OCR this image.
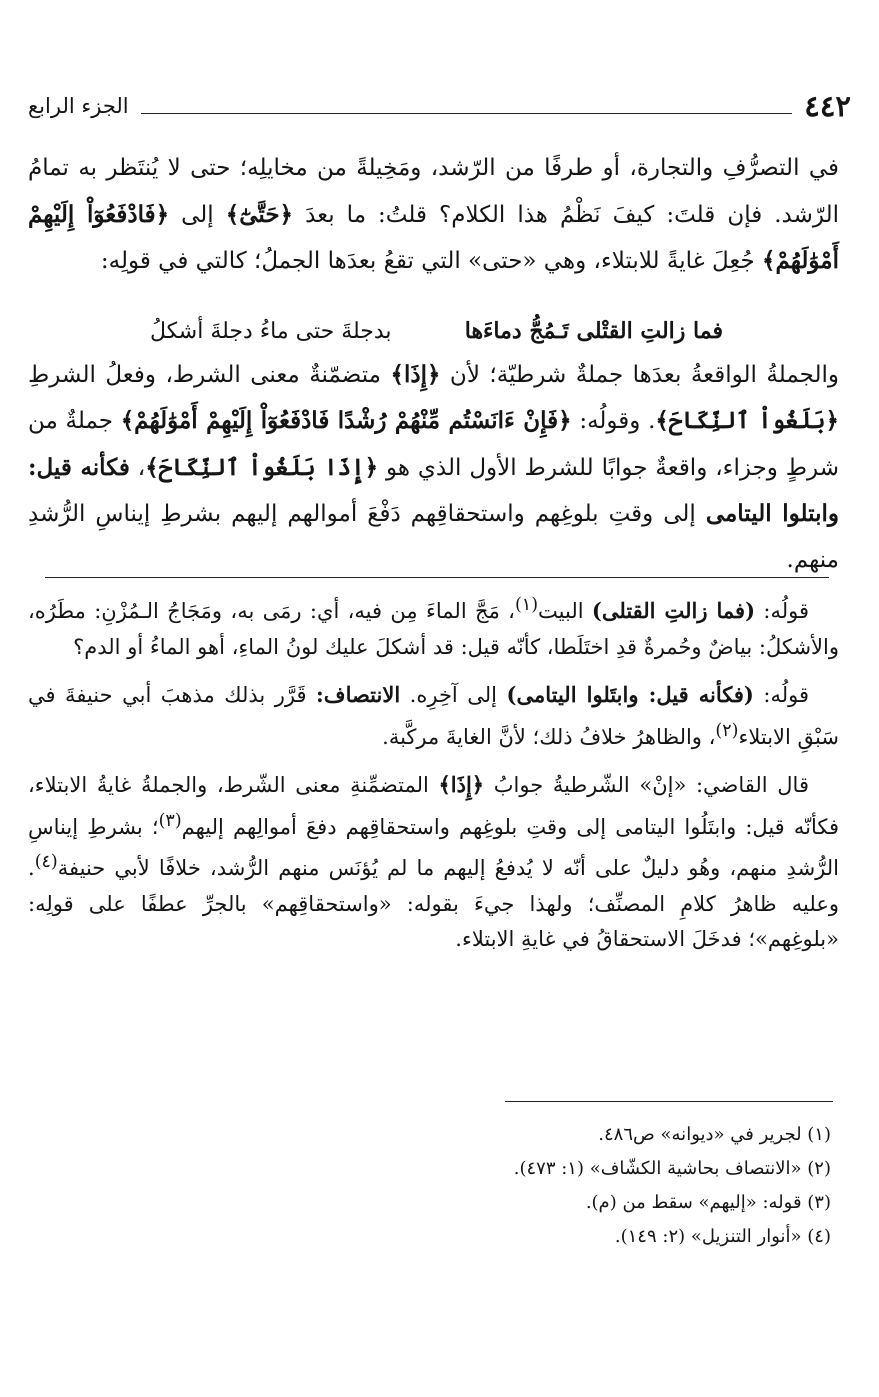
٤٤٢
الجزء الرابع

في التصرُّفِ والتجارة، أو طرفًا من الرّشد، ومَخِيلةً من مخايلِه؛ حتى لا يُنتَظر به تمامُ الرّشد. فإن قلتَ: كيفَ نَظْمُ هذا الكلام؟ قلتُ: ما بعدَ ﴿حَتَّىٰٓ﴾ إلى ﴿فَادْفَعُوٓاْ إِلَيْهِمْ أَمْوَٰلَهُمْ﴾ جُعِلَ غايةً للابتلاء، وهي «حتى» التي تقعُ بعدَها الجملُ؛ كالتي في قولِه:

والجملةُ الواقعةُ بعدَها جملةٌ شرطيّة؛ لأن ﴿إِذَا﴾ متضمّنةٌ معنى الشرط، وفعلُ الشرطِ ﴿بَلَغُواْ ٱلنِّكَاحَ﴾. وقولُه: ﴿فَإِنْ ءَانَسْتُم مِّنْهُمْ رُشْدًا فَادْفَعُوٓاْ إِلَيْهِمْ أَمْوَٰلَهُمْ﴾ جملةٌ من شرطٍ وجزاء، واقعةٌ جوابًا للشرط الأول الذي هو ﴿إِذَا بَلَغُواْ ٱلنِّكَاحَ﴾، فكأنه قيل: وابتلوا اليتامى إلى وقتِ بلوغِهم واستحقاقِهم دَفْعَ أموالهم إليهم بشرطِ إيناسِ الرُّشدِ منهم.

فما زالتِ القتْلى تَـمُجُّ دماءَها
بدجلةَ حتى ماءُ دجلةَ أشكلُ

قولُه: (فما زالتِ القتلى) البيت$^{(١)}$، مَجَّ الماءَ مِن فيه، أي: رمَى به، ومَجَاجُ الـمُزْنِ: مطَرُه، والأشكلُ: بياضٌ وحُمرةٌ قدِ اختَلَطا، كأنّه قيل: قد أشكلَ عليك لونُ الماءِ، أهو الماءُ أو الدم؟

قولُه: (فكأنه قيل: وابتَلوا اليتامى) إلى آخِرِه. الانتصاف: قَرَّر بذلك مذهبَ أبي حنيفةَ في سَبْقِ الابتلاء$^{(٢)}$، والظاهرُ خلافُ ذلك؛ لأنَّ الغايةَ مركَّبة.

قال القاضي: «إنْ» الشّرطيةُ جوابُ ﴿إِذَا﴾ المتضمِّنةِ معنى الشّرط، والجملةُ غايةُ الابتلاء، فكأنّه قيل: وابتَلُوا اليتامى إلى وقتِ بلوغِهم واستحقاقِهم دفعَ أموالِهم إليهم$^{(٣)}$؛ بشرطِ إيناسِ الرُّشدِ منهم، وهُو دليلٌ على أنّه لا يُدفعُ إليهم ما لم يُؤنَس منهم الرُّشد، خلافًا لأبي حنيفة$^{(٤)}$. وعليه ظاهرُ كلامِ المصنِّف؛ ولهذا جيءَ بقوله: «واستحقاقِهم» بالجرِّ عطفًا على قولِه: «بلوغِهم»؛ فدخَلَ الاستحقاقُ في غايةِ الابتلاء.

(١) لجرير في «ديوانه» ص٤٨٦.
(٢) «الانتصاف بحاشية الكشّاف» (١: ٤٧٣).
(٣) قوله: «إليهم» سقط من (م).
(٤) «أنوار التنزيل» (٢: ١٤٩).
